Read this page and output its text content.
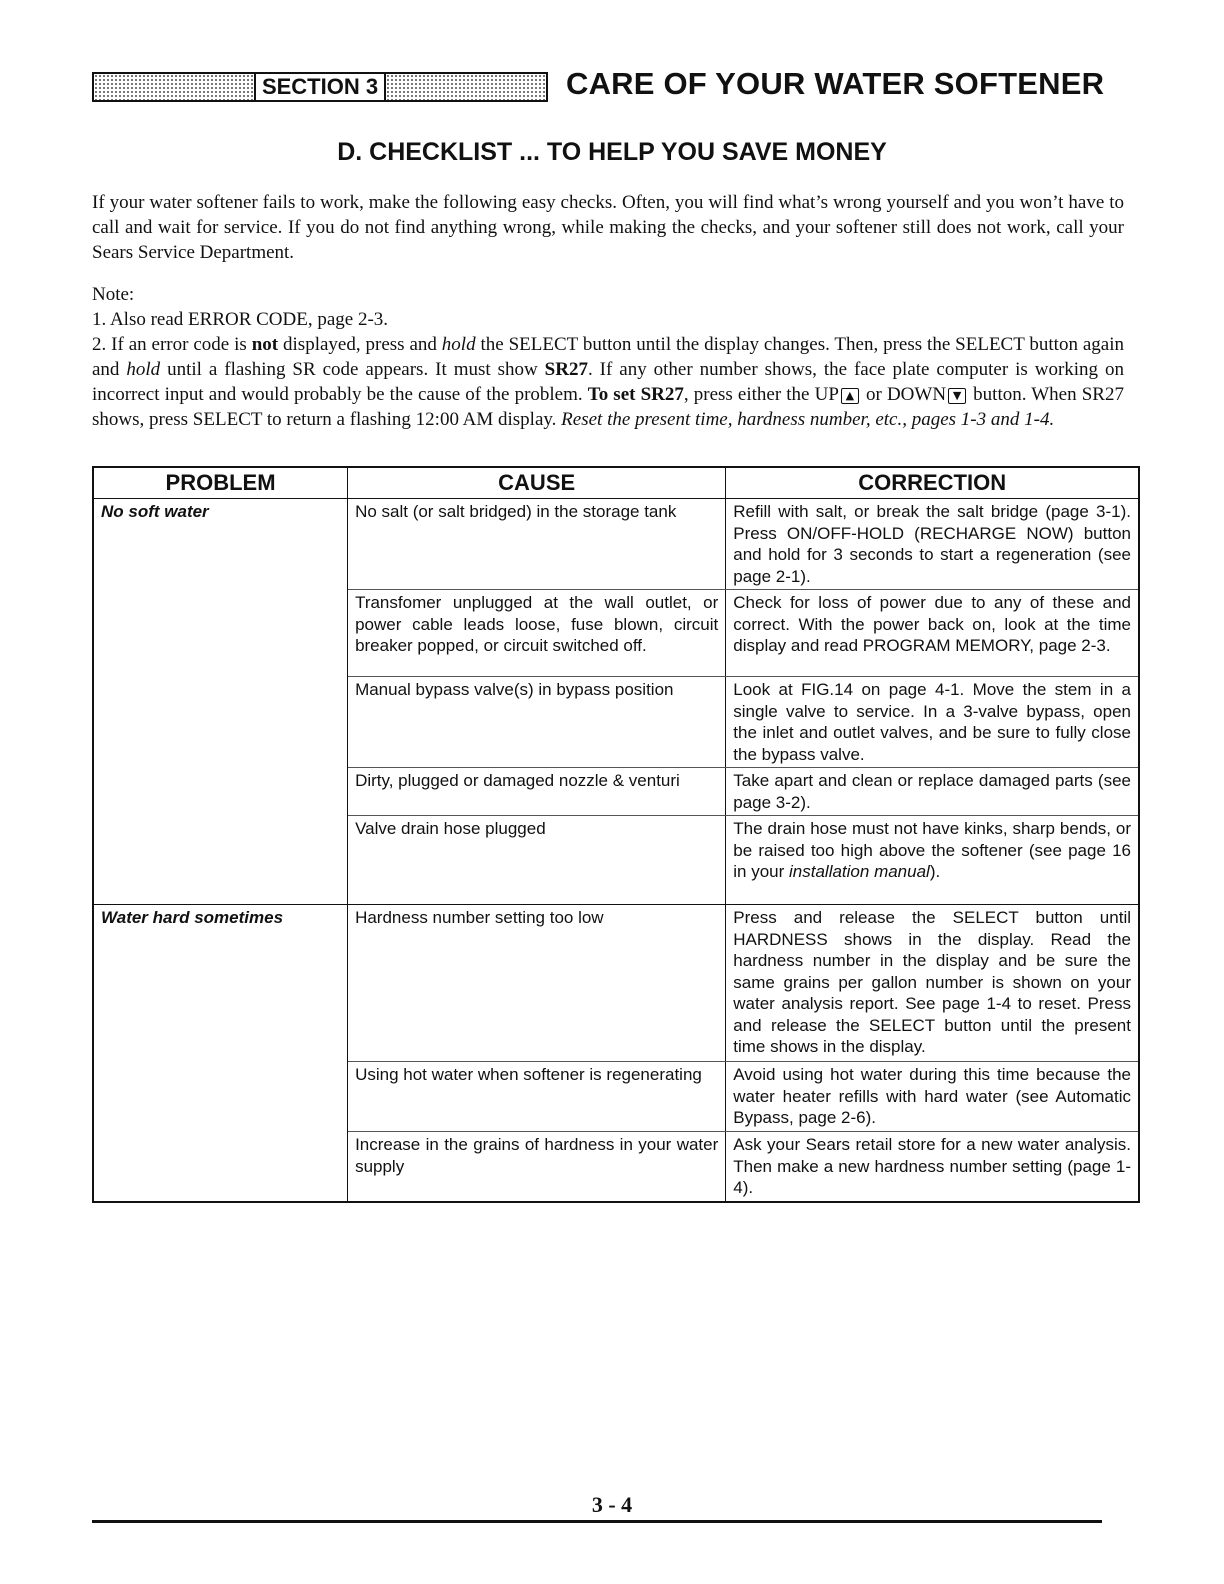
SECTION 3	CARE OF YOUR WATER SOFTENER
D. CHECKLIST ... TO HELP YOU SAVE MONEY

If your water softener fails to work, make the following easy checks. Often, you will find what’s wrong yourself and you won’t have to call and wait for service. If you do not find anything wrong, while making the checks, and your softener still does not work, call your Sears Service Department.

Note:

1. Also read ERROR CODE, page 2-3.

2. If an error code is not displayed, press and hold the SELECT button until the display changes. Then, press the SELECT button again and hold until a flashing SR code appears. It must show SR27. If any other number shows, the face plate computer is working on incorrect input and would probably be the cause of the problem. To set SR27, press either the UP ▲ or DOWN ▼ button. When SR27 shows, press SELECT to return a flashing 12:00 AM display. Reset the present time, hardness number, etc., pages 1-3 and 1-4.

PROBLEM	CAUSE	CORRECTION
No soft water	No salt (or salt bridged) in the storage tank	Refill with salt, or break the salt bridge (page 3-1). Press ON/OFF-HOLD (RECHARGE NOW) button and hold for 3 seconds to start a regeneration (see page 2-1).
	Transfomer unplugged at the wall outlet, or power cable leads loose, fuse blown, circuit breaker popped, or circuit switched off.	Check for loss of power due to any of these and correct. With the power back on, look at the time display and read PROGRAM MEMORY, page 2-3.
	Manual bypass valve(s) in bypass position	Look at FIG.14 on page 4-1. Move the stem in a single valve to service. In a 3-valve bypass, open the inlet and outlet valves, and be sure to fully close the bypass valve.
	Dirty, plugged or damaged nozzle & venturi	Take apart and clean or replace damaged parts (see page 3-2).
	Valve drain hose plugged	The drain hose must not have kinks, sharp bends, or be raised too high above the softener (see page 16 in your installation manual).
Water hard sometimes	Hardness number setting too low	Press and release the SELECT button until HARDNESS shows in the display. Read the hardness number in the display and be sure the same grains per gallon number is shown on your water analysis report. See page 1-4 to reset. Press and release the SELECT button until the present time shows in the display.
	Using hot water when softener is regenerating	Avoid using hot water during this time because the water heater refills with hard water (see Automatic Bypass, page 2-6).
	Increase in the grains of hardness in your water supply	Ask your Sears retail store for a new water analysis. Then make a new hardness number setting (page 1-4).
3 - 4
